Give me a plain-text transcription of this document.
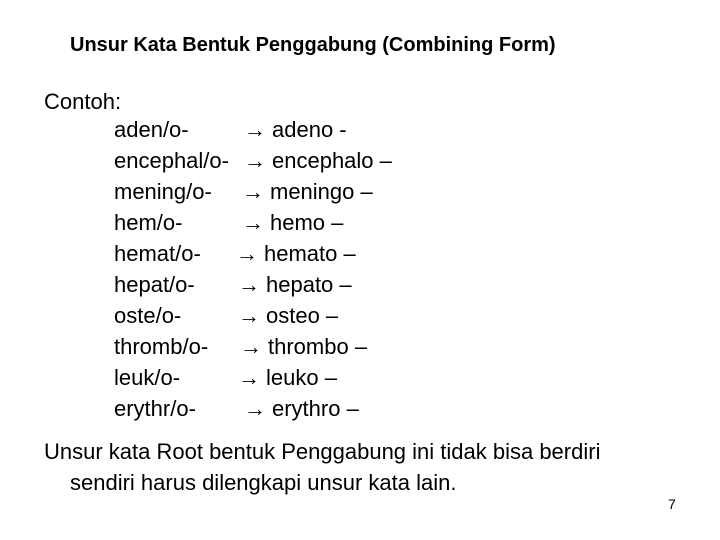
Unsur Kata Bentuk Penggabung (Combining Form)
Contoh:
aden/o-	→ adeno -
encephal/o- → encephalo –
mening/o-	→ meningo –
hem/o-	→ hemo –
hemat/o-	→ hemato –
hepat/o-	→ hepato –
oste/o-	→ osteo –
thromb/o-	→ thrombo –
leuk/o-	→ leuko –
erythr/o-	→ erythro –
Unsur kata Root bentuk Penggabung ini tidak bisa berdiri
sendiri harus dilengkapi unsur kata lain.
7
